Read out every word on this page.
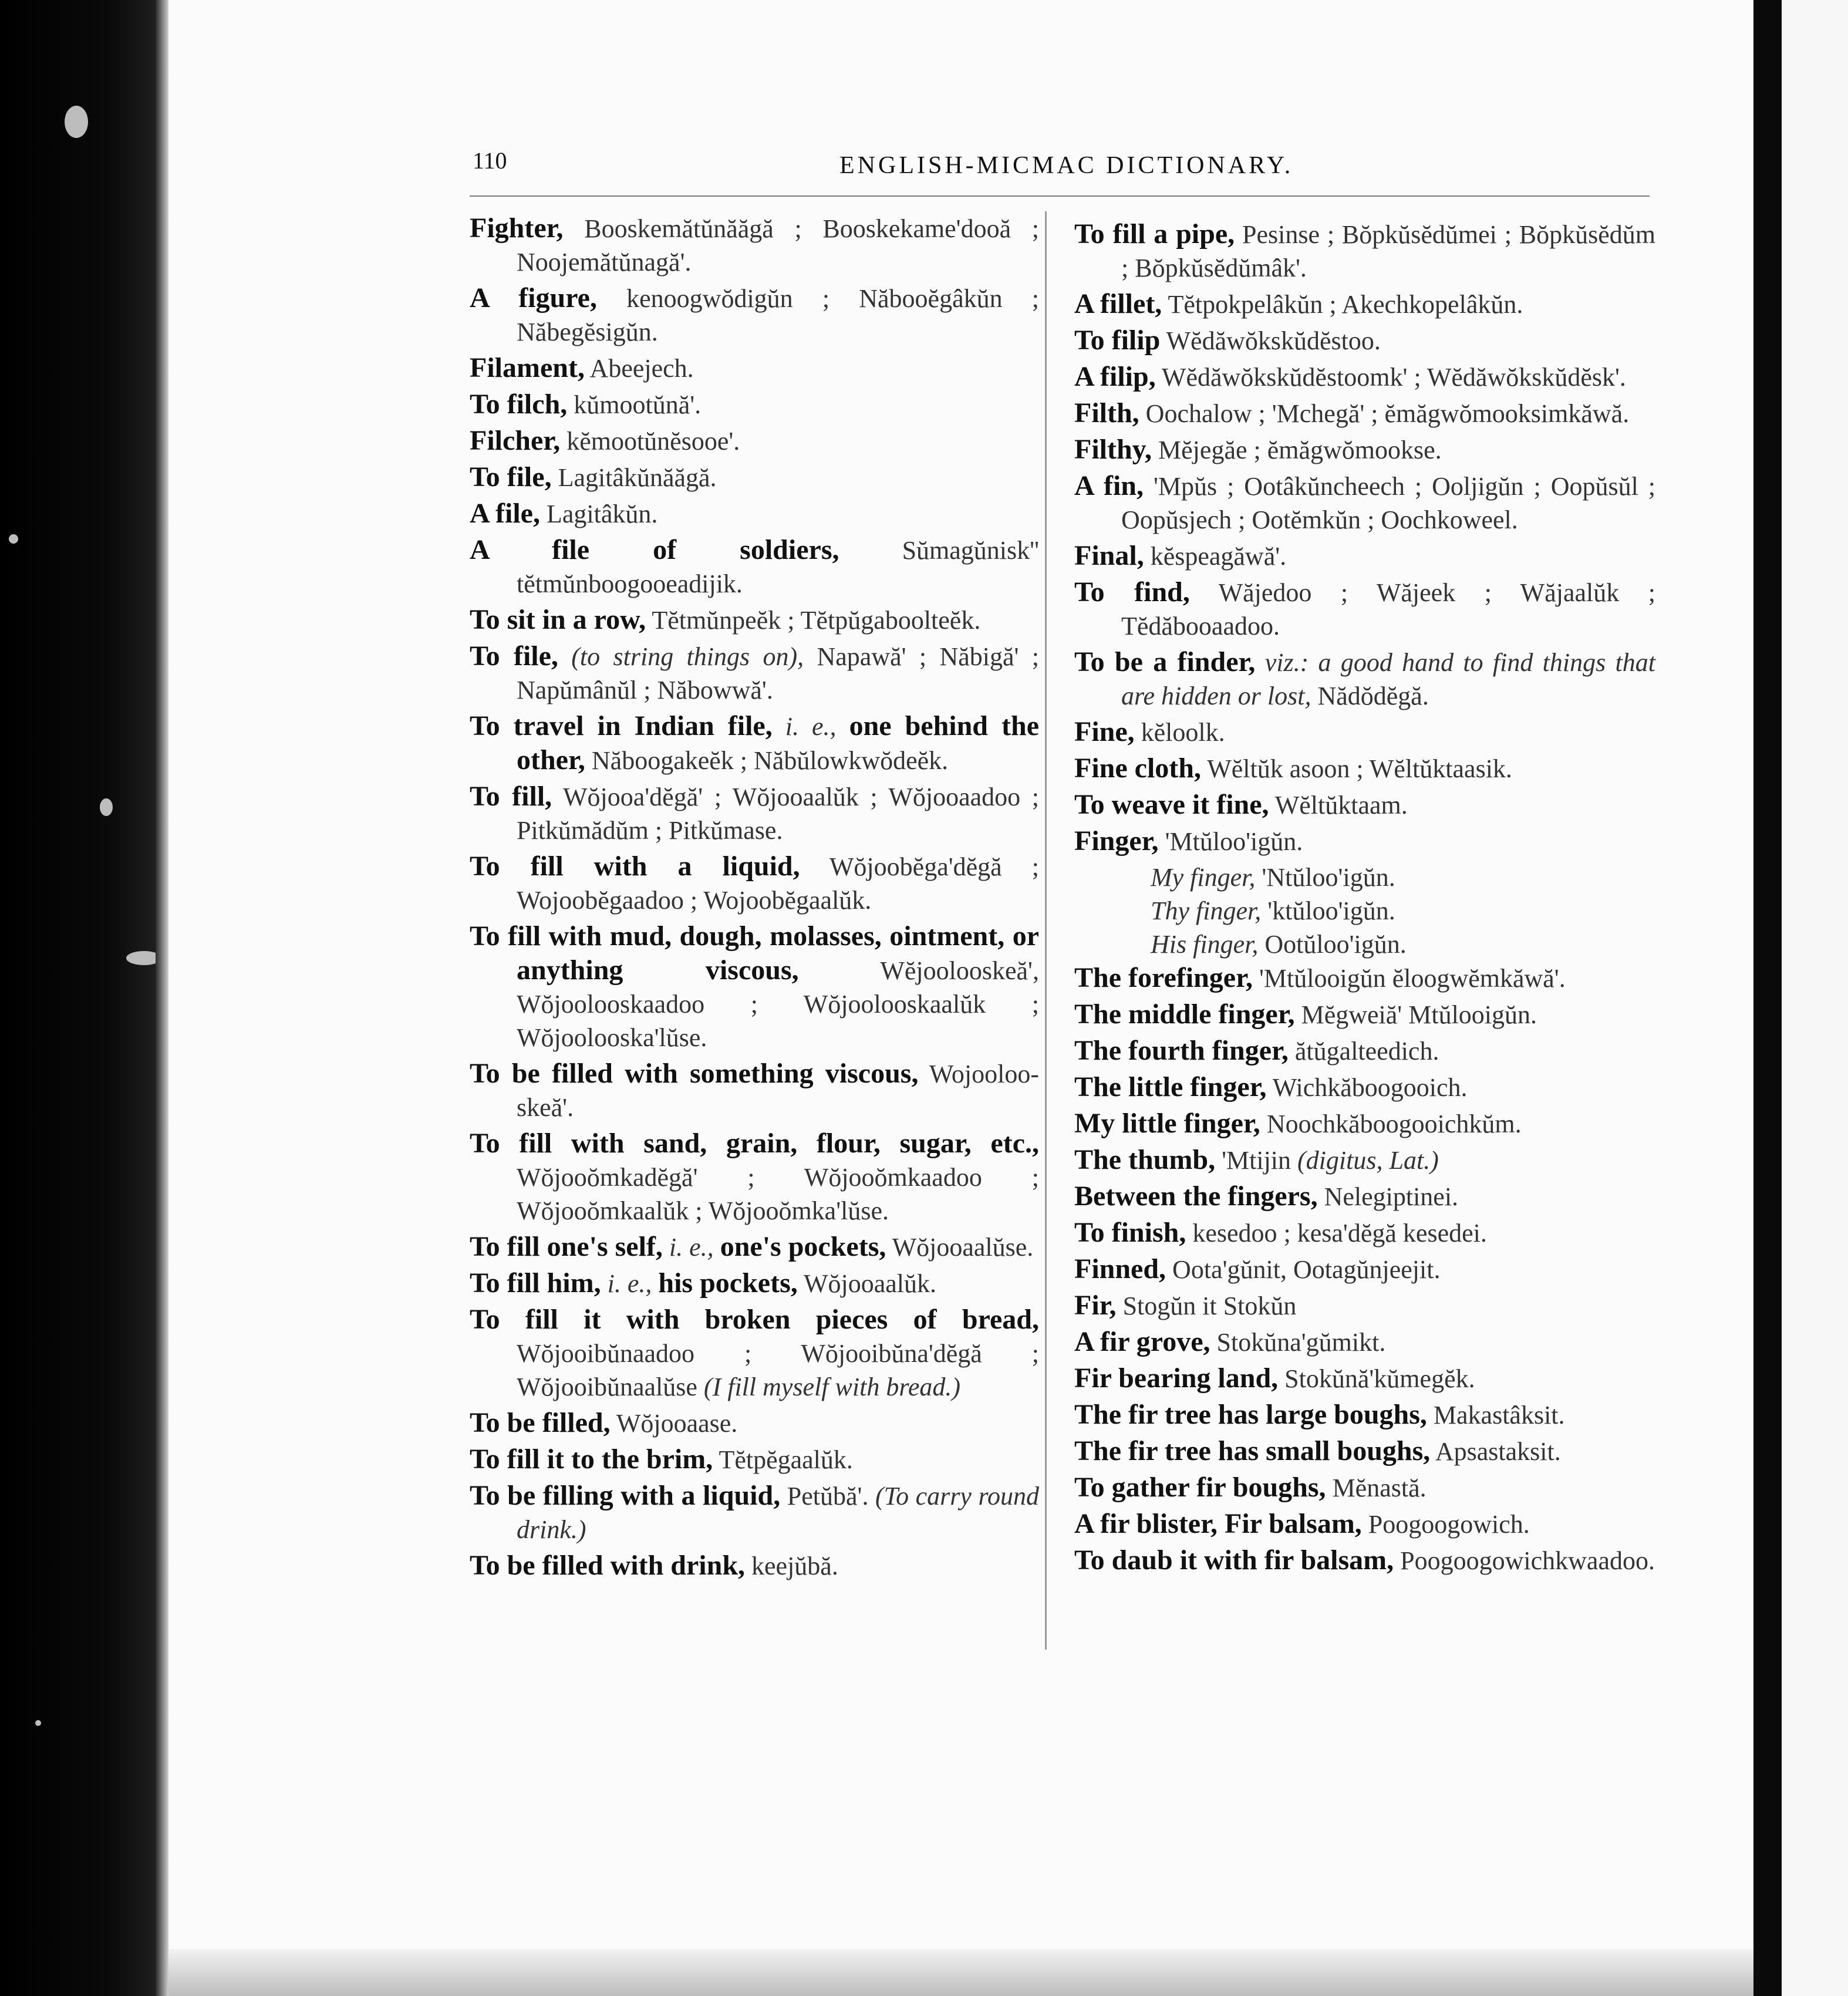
110	ENGLISH-MICMAC DICTIONARY.

Fighter, Booskemătŭnăăgă ; Booskekame'dooă ; Noojemătŭnagă'.

A figure, kenoogwŏdigŭn ; Năbooĕgâkŭn ; Năbegĕsigŭn.

Filament, Abeejech.

To filch, kŭmootŭnă'.

Filcher, kĕmootŭnĕsooe'.

To file, Lagitâkŭnăăgă.

A file, Lagitâkŭn.

A file of soldiers, Sŭmagŭnisk'' tĕtmŭnboogooeadijik.

To sit in a row, Tĕtmŭnpeĕk ; Tĕtpŭgaboolteĕk.

To file, (to string things on), Napawă' ; Năbigă' ; Napŭmânŭl ; Năbowwă'.

To travel in Indian file, i. e., one behind the other, Năboogakeĕk ; Năbŭlowkwŏdeĕk.

To fill, Wŏjooa'dĕgă' ; Wŏjooaalŭk ; Wŏjooaadoo ; Pitkŭmădŭm ; Pitkŭmase.

To fill with a liquid, Wŏjoobĕga'dĕgă ; Wojoobĕgaadoo ; Wojoobĕgaalŭk.

To fill with mud, dough, molasses, ointment, or anything viscous,	Wĕjoolooskeă', Wŏjoolooskaadoo ; Wŏjoolooskaalŭk ; Wŏjoolooska'lŭse.

To be filled with something viscous, Wojoolooskeă'.

To fill with sand, grain, flour, sugar, etc., Wŏjooŏmkadĕgă' ; Wŏjooŏmkaadoo ; Wŏjooŏmkaalŭk ; Wŏjooŏmka'lŭse.

To fill one's self, i. e., one's pockets, Wŏjooaalŭse.

To fill him, i. e., his pockets, Wŏjooaalŭk.

To fill it with broken pieces of bread, Wŏjooibŭnaadoo ; Wŏjooibŭna'dĕgă ; Wŏjooibŭnaalŭse (I fill myself with bread.)

To be filled, Wŏjooaase.

To fill it to the brim, Tĕtpĕgaalŭk.

To be filling with a liquid, Petŭbă'. (To carry round drink.)

To be filled with drink, keejŭbă.

To fill a pipe, Pesinse ; Bŏpkŭsĕdŭmei ; Bŏpkŭsĕdŭm ; Bŏpkŭsĕdŭmâk'.

A fillet, Tĕtpokpelâkŭn ; Akechkopelâkŭn.

To filip Wĕdăwŏkskŭdĕstoo.

A filip, Wĕdăwŏkskŭdĕstoomk' ; Wĕdăwŏkskŭdĕsk'.

Filth, Oochalow ; 'Mchegă' ; ĕmăgwŏmooksimkăwă.

Filthy, Mĕjegăe ; ĕmăgwŏmookse.

A fin, 'Mpŭs ; Ootâkŭncheech ; Ooljigŭn ; Oopŭsŭl ; Oopŭsjech ; Ootĕmkŭn ; Oochkoweel.

Final, kĕspeagăwă'.

To find, Wăjedoo ; Wăjeek ; Wăjaalŭk ; Tĕdăbooaadoo.

To be a finder, viz.: a good hand to find things that are hidden or lost, Nădŏdĕgă.

Fine, kĕloolk.

Fine cloth, Wĕltŭk asoon ; Wĕltŭktaasik.

To weave it fine, Wĕltŭktaam.

Finger, 'Mtŭloo'igŭn.

My finger, 'Ntŭloo'igŭn.

Thy finger, 'ktŭloo'igŭn.

His finger, Ootŭloo'igŭn.

The forefinger, 'Mtŭlooigŭn ĕloogwĕmkăwă'.

The middle finger, Mĕgweiă' Mtŭlooigŭn.

The fourth finger, ătŭgalteedich.

The little finger, Wichkăboogooich.

My little finger, Noochkăboogooichkŭm.

The thumb, 'Mtijin (digitus, Lat.)

Between the fingers, Nelegiptinei.

To finish, kesedoo ; kesa'dĕgă kesedei.

Finned, Oota'gŭnit, Ootagŭnjeejit.

Fir, Stogŭn it Stokŭn

A fir grove, Stokŭna'gŭmikt.

Fir bearing land, Stokŭnă'kŭmegĕk.

The fir tree has large boughs, Makastâksit.

The fir tree has small boughs, Apsastaksit.

To gather fir boughs, Mĕnastă.

A fir blister, Fir balsam, Poogoogowich.

To daub it with fir balsam, Poogoogowichkwaadoo.
